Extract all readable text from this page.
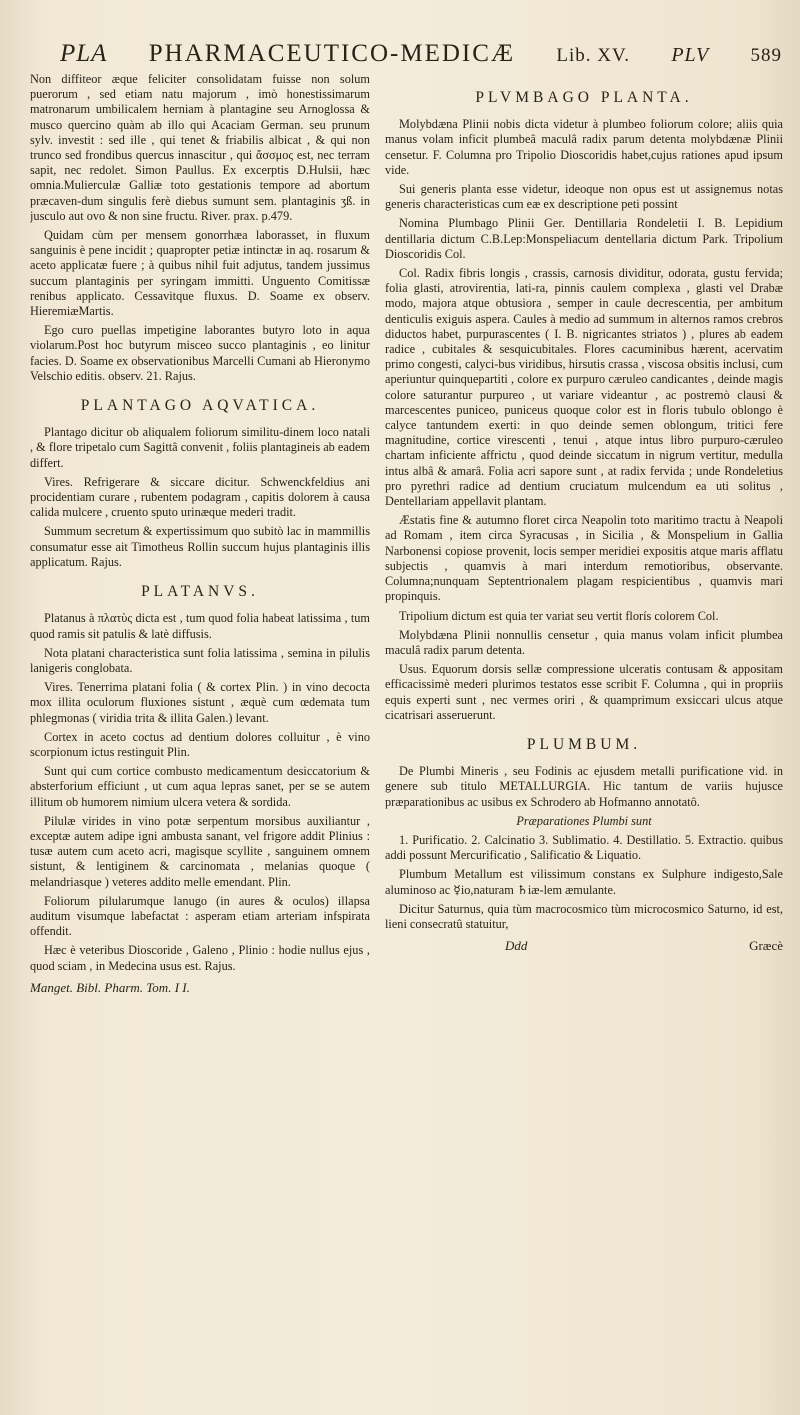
PLA PHARMACEUTICO-MEDICÆ Lib. XV. PLV 589

Non diffiteor æque feliciter consolidatam fuisse non solum puerorum , sed etiam natu majorum , imò honestissimarum matronarum umbilicalem herniam à plantagine seu Arnoglossa & musco quercino quàm ab illo qui Acaciam German. seu prunum sylv. investit : sed ille , qui tenet & friabilis albicat , & qui non trunco sed frondibus quercus innascitur , qui ἄσσμος est, nec terram sapit, nec redolet. Simon Paullus. Ex excerptis D.Hulsii, hæc omnia.Mulierculæ Galliæ toto gestationis tempore ad abortum præcaven-dum singulis ferè diebus sumunt sem. plantaginis ʒß. in jusculo aut ovo & non sine fructu. River. prax. p.479.

Quidam cùm per mensem gonorrhæa laborasset, in fluxum sanguinis è pene incidit ; quapropter petiæ intinctæ in aq. rosarum & aceto applicatæ fuere ; à quibus nihil fuit adjutus, tandem jussimus succum plantaginis per syringam immitti. Unguento Comitissæ renibus applicato. Cessavitque fluxus. D. Soame ex observ. HieremiæMartis.

Ego curo puellas impetigine laborantes butyro loto in aqua violarum.Post hoc butyrum misceo succo plantaginis , eo linitur facies. D. Soame ex observationibus Marcelli Cumani ab Hieronymo Velschio editis. observ. 21. Rajus.

PLANTAGO AQVATICA.

Plantago dicitur ob aliqualem foliorum similitu-dinem loco natali , & flore tripetalo cum Sagittâ convenit , foliis plantagineis ab eadem differt.

Vires. Refrigerare & siccare dicitur. Schwenckfeldius ani procidentiam curare , rubentem podagram , capitis dolorem à causa calida mulcere , cruento sputo urinæque mederi tradit.

Summum secretum & expertissimum quo subitò lac in mammillis consumatur esse ait Timotheus Rollin succum hujus plantaginis illis applicatum. Rajus.

PLATANVS.

Platanus à πλατὺς dicta est , tum quod folia habeat latissima , tum quod ramis sit patulis & latè diffusis.

Nota platani characteristica sunt folia latissima , semina in pilulis lanigeris conglobata.

Vires. Tenerrima platani folia ( & cortex Plin. ) in vino decocta mox illita oculorum fluxiones sistunt , æquè cum œdemata tum phlegmonas ( viridia trita & illita Galen.) levant.

Cortex in aceto coctus ad dentium dolores colluitur , è vino scorpionum ictus restinguit Plin.

Sunt qui cum cortice combusto medicamentum desiccatorium & absterforium efficiunt , ut cum aqua lepras sanet, per se se autem illitum ob humorem nimium ulcera vetera & sordida.

Pilulæ virides in vino potæ serpentum morsibus auxiliantur , exceptæ autem adipe igni ambusta sanant, vel frigore addit Plinius : tusæ autem cum aceto acri, magisque scyllite , sanguinem omnem sistunt, & lentiginem & carcinomata , melanias quoque ( melandriasque ) veteres addito melle emendant. Plin.

Foliorum pilularumque lanugo (in aures & oculos) illapsa auditum visumque labefactat : asperam etiam arteriam infspirata offendit.

Hæc è veteribus Dioscoride , Galeno , Plinio : hodie nullus ejus , quod sciam , in Medecina usus est. Rajus.

Manget. Bibl. Pharm. Tom. I I.
PLVMBAGO PLANTA.

Molybdæna Plinii nobis dicta videtur à plumbeo foliorum colore; aliis quia manus volam inficit plumbeâ maculâ radix parum detenta molybdænæ Plinii censetur. F. Columna pro Tripolio Dioscoridis habet,cujus rationes apud ipsum vide.

Sui generis planta esse videtur, ideoque non opus est ut assignemus notas generis characteristicas cum eæ ex descriptione peti possint

Nomina Plumbago Plinii Ger. Dentillaria Rondeletii I. B. Lepidium dentillaria dictum C.B.Lep:Monspeliacum dentellaria dictum Park. Tripolium Dioscoridis Col.

Col. Radix fibris longis , crassis, carnosis dividitur, odorata, gustu fervida; folia glasti, atrovirentia, lati-ra, pinnis caulem complexa , glasti vel Drabæ modo, majora atque obtusiora , semper in caule decrescentia, per ambitum denticulis exiguis aspera. Caules à medio ad summum in alternos ramos crebros diductos habet, purpurascentes ( I. B. nigricantes striatos ) , plures ab eadem radice , cubitales & sesquicubitales. Flores cacuminibus hærent, acervatim primo congesti, calyci-bus viridibus, hirsutis crassa , viscosa obsitis inclusi, cum aperiuntur quinquepartiti , colore ex purpuro cæruleo candicantes , deinde magis colore saturantur purpureo , ut variare videantur , ac postremò clausi & marcescentes puniceo, puniceus quoque color est in floris tubulo oblongo è calyce tantundem exerti: in quo deinde semen oblongum, tritici fere magnitudine, cortice virescenti , tenui , atque intus libro purpuro-cæruleo chartam inficiente affrictu , quod deinde siccatum in nigrum vertitur, medulla intus albâ & amarâ. Folia acri sapore sunt , at radix fervida ; unde Rondeletius pro pyrethri radice ad dentium cruciatum mulcendum ea uti solitus , Dentellariam appellavit plantam.

Æstatis fine & autumno floret circa Neapolin toto maritimo tractu à Neapoli ad Romam , item circa Syracusas , in Sicilia , & Monspelium in Gallia Narbonensi copiose provenit, locis semper meridiei expositis atque maris afflatu subjectis , quamvis à mari interdum remotioribus, observante. Columna;nunquam Septentrionalem plagam respicientibus , quamvis mari propinquis.

Tripolium dictum est quia ter variat seu vertit florís colorem Col.

Molybdæna Plinii nonnullis censetur , quia manus volam inficit plumbea maculâ radix parum detenta.

Usus. Equorum dorsis sellæ compressione ulceratis contusam & appositam efficacissimè mederi plurimos testatos esse scribit F. Columna , qui in propriis equis experti sunt , nec vermes oriri , & quamprimum exsiccari ulcus atque cicatrisari asseruerunt.

PLUMBUM.

De Plumbi Mineris , seu Fodinis ac ejusdem metalli purificatione vid. in genere sub titulo METALLURGIA. Hic tantum de variis hujusce præparationibus ac usibus ex Schrodero ab Hofmanno annotatô.

Præparationes Plumbi sunt

1. Purificatio. 2. Calcinatio 3. Sublimatio. 4. Destillatio. 5. Extractio. quibus addi possunt Mercurificatio , Salificatio & Liquatio.

Plumbum Metallum est vilissimum constans ex Sulphure indigesto,Sale aluminoso ac ☿io,naturam ♄iæ-lem æmulante.

Dicitur Saturnus, quia tùm macrocosmico tùm microcosmico Saturno, id est, lieni consecratû statuitur,

Ddd	Græcè
